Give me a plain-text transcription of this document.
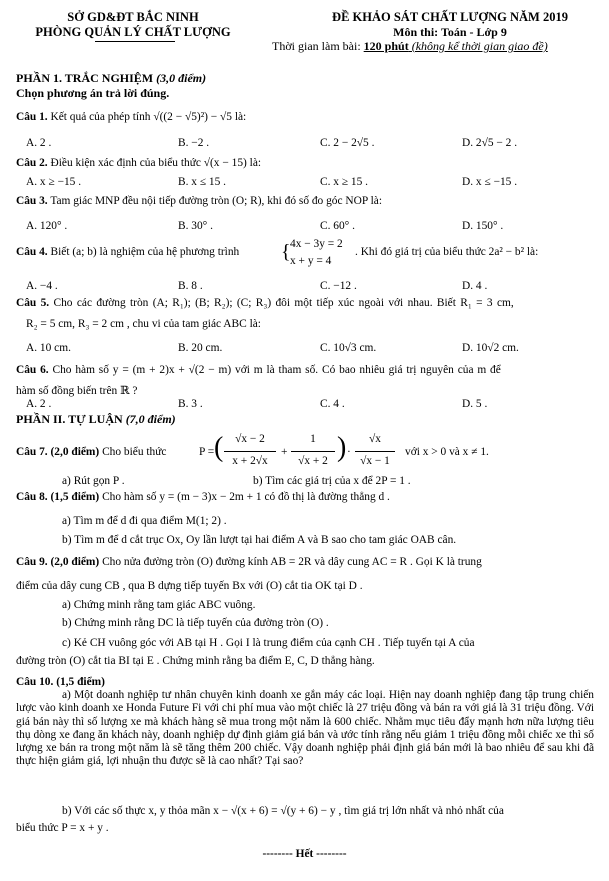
SỞ GD&ĐT BẮC NINH
PHÒNG QUẢN LÝ CHẤT LƯỢNG
ĐỀ KHẢO SÁT CHẤT LƯỢNG NĂM 2019
Môn thi: Toán - Lớp 9
Thời gian làm bài: 120 phút (không kể thời gian giao đề)
PHẦN 1. TRẮC NGHIỆM (3,0 điểm)
Chọn phương án trả lời đúng.
Câu 1. Kết quả của phép tính √((2 − √5)²) − √5 là:
A. 2 .	B. −2 .	C. 2 − 2√5 .	D. 2√5 − 2 .
Câu 2. Điều kiện xác định của biểu thức √(x − 15) là:
A. x ≥ −15 .	B. x ≤ 15 .	C. x ≥ 15 .	D. x ≤ −15 .
Câu 3. Tam giác MNP đều nội tiếp đường tròn (O; R), khi đó số đo góc NOP là:
A. 120° .	B. 30° .	C. 60° .	D. 150° .
Câu 4. Biết (a; b) là nghiệm của hệ phương trình { 4x − 3y = 2
x + y = 4
. Khi đó giá trị của biểu thức 2a² − b² là:
A. −4 .	B. 8 .	C. −12 .	D. 4 .
Câu 5. Cho các đường tròn (A; R₁); (B; R₂); (C; R₃) đôi một tiếp xúc ngoài với nhau. Biết R₁ = 3 cm,
R₂ = 5 cm, R₃ = 2 cm , chu vi của tam giác ABC là:
A. 10 cm.	B. 20 cm.	C. 10√3 cm.	D. 10√2 cm.
Câu 6. Cho hàm số y = (m + 2)x + √(2 − m) với m là tham số. Có bao nhiêu giá trị nguyên của m để
hàm số đồng biến trên ℝ ?
A. 2 .	B. 3 .	C. 4 .	D. 5 .
PHẦN II. TỰ LUẬN (7,0 điểm)
Câu 7. (2,0 điểm) Cho biểu thức	P = (	√x − 2
x + 2√x
+
1
√x + 2 ) ·
√x
√x − 1
với x > 0 và x ≠ 1.
a) Rút gọn P .	b) Tìm các giá trị của x để 2P = 1 .
Câu 8. (1,5 điểm) Cho hàm số y = (m − 3)x − 2m + 1 có đồ thị là đường thẳng d .
a) Tìm m để d đi qua điểm M(1; 2) .
b) Tìm m để d cắt trục Ox, Oy lần lượt tại hai điểm A và B sao cho tam giác OAB cân.
Câu 9. (2,0 điểm) Cho nửa đường tròn (O) đường kính AB = 2R và dây cung AC = R . Gọi K là trung
điểm của dây cung CB , qua B dựng tiếp tuyến Bx với (O) cắt tia OK tại D .
a) Chứng minh rằng tam giác ABC vuông.
b) Chứng minh rằng DC là tiếp tuyến của đường tròn (O) .
c) Kẻ CH vuông góc với AB tại H . Gọi I là trung điểm của cạnh CH . Tiếp tuyến tại A của
đường tròn (O) cắt tia BI tại E . Chứng minh rằng ba điểm E, C, D thẳng hàng.
Câu 10. (1,5 điểm)
a) Một doanh nghiệp tư nhân chuyên kinh doanh xe gắn máy các loại. Hiện nay doanh nghiệp đang tập trung chiến lược vào kinh doanh xe Honda Future Fi với chi phí mua vào một chiếc là 27 triệu đồng và bán ra với giá là 31 triệu đồng. Với giá bán này thì số lượng xe mà khách hàng sẽ mua trong một năm là 600 chiếc. Nhằm mục tiêu đẩy mạnh hơn nữa lượng tiêu thụ dòng xe đang ăn khách này, doanh nghiệp dự định giảm giá bán và ước tính rằng nếu giảm 1 triệu đồng mỗi chiếc xe thì số lượng xe bán ra trong một năm là sẽ tăng thêm 200 chiếc. Vậy doanh nghiệp phải định giá bán mới là bao nhiêu để sau khi đã thực hiện giảm giá, lợi nhuận thu được sẽ là cao nhất? Tại sao?
b) Với các số thực x, y thỏa mãn x − √(x + 6) = √(y + 6) − y , tìm giá trị lớn nhất và nhỏ nhất của
biểu thức P = x + y .
-------- Hết --------
